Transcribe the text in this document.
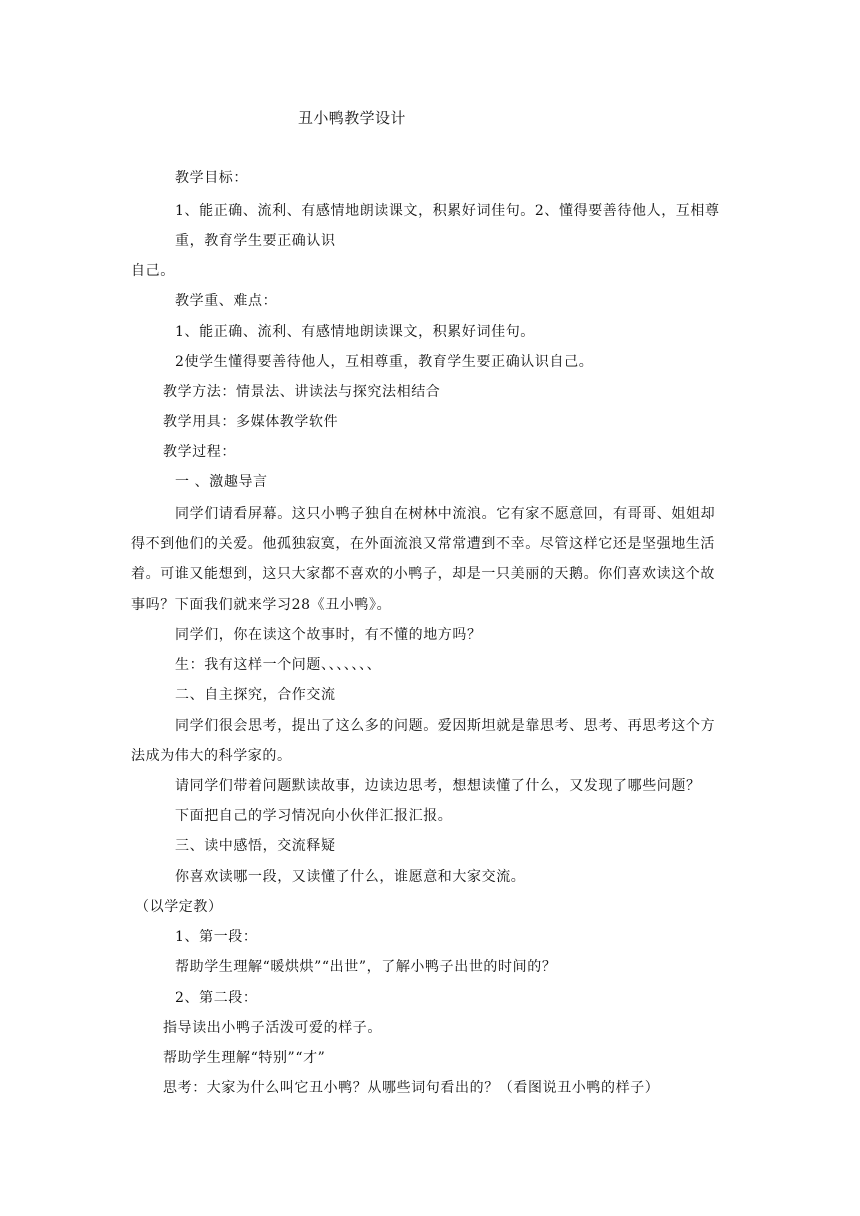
丑小鸭教学设计
教学目标：
1、能正确、流利、有感情地朗读课文，积累好词佳句。2、懂得要善待他人，互相尊
重，教育学生要正确认识
自己。
教学重、难点：
1、能正确、流利、有感情地朗读课文，积累好词佳句。
2使学生懂得要善待他人，互相尊重，教育学生要正确认识自己。
教学方法：情景法、讲读法与探究法相结合
教学用具：多媒体教学软件
教学过程：
一 、激趣导言
同学们请看屏幕。这只小鸭子独自在树林中流浪。它有家不愿意回，有哥哥、姐姐却
得不到他们的关爱。他孤独寂寞，在外面流浪又常常遭到不幸。尽管这样它还是坚强地生活
着。可谁又能想到，这只大家都不喜欢的小鸭子，却是一只美丽的天鹅。你们喜欢读这个故
事吗？下面我们就来学习28《丑小鸭》。
同学们，你在读这个故事时，有不懂的地方吗？
生：我有这样一个问题、、、、、、、
二、自主探究，合作交流
同学们很会思考，提出了这么多的问题。爱因斯坦就是靠思考、思考、再思考这个方
法成为伟大的科学家的。
请同学们带着问题默读故事，边读边思考，想想读懂了什么，又发现了哪些问题？
下面把自己的学习情况向小伙伴汇报汇报。
三、读中感悟，交流释疑
你喜欢读哪一段，又读懂了什么，谁愿意和大家交流。
（以学定教）
1、第一段：
帮助学生理解“暖烘烘”“出世”，了解小鸭子出世的时间的？
2、第二段：
指导读出小鸭子活泼可爱的样子。
帮助学生理解“特别”“才”
思考：大家为什么叫它丑小鸭？从哪些词句看出的？（看图说丑小鸭的样子）
